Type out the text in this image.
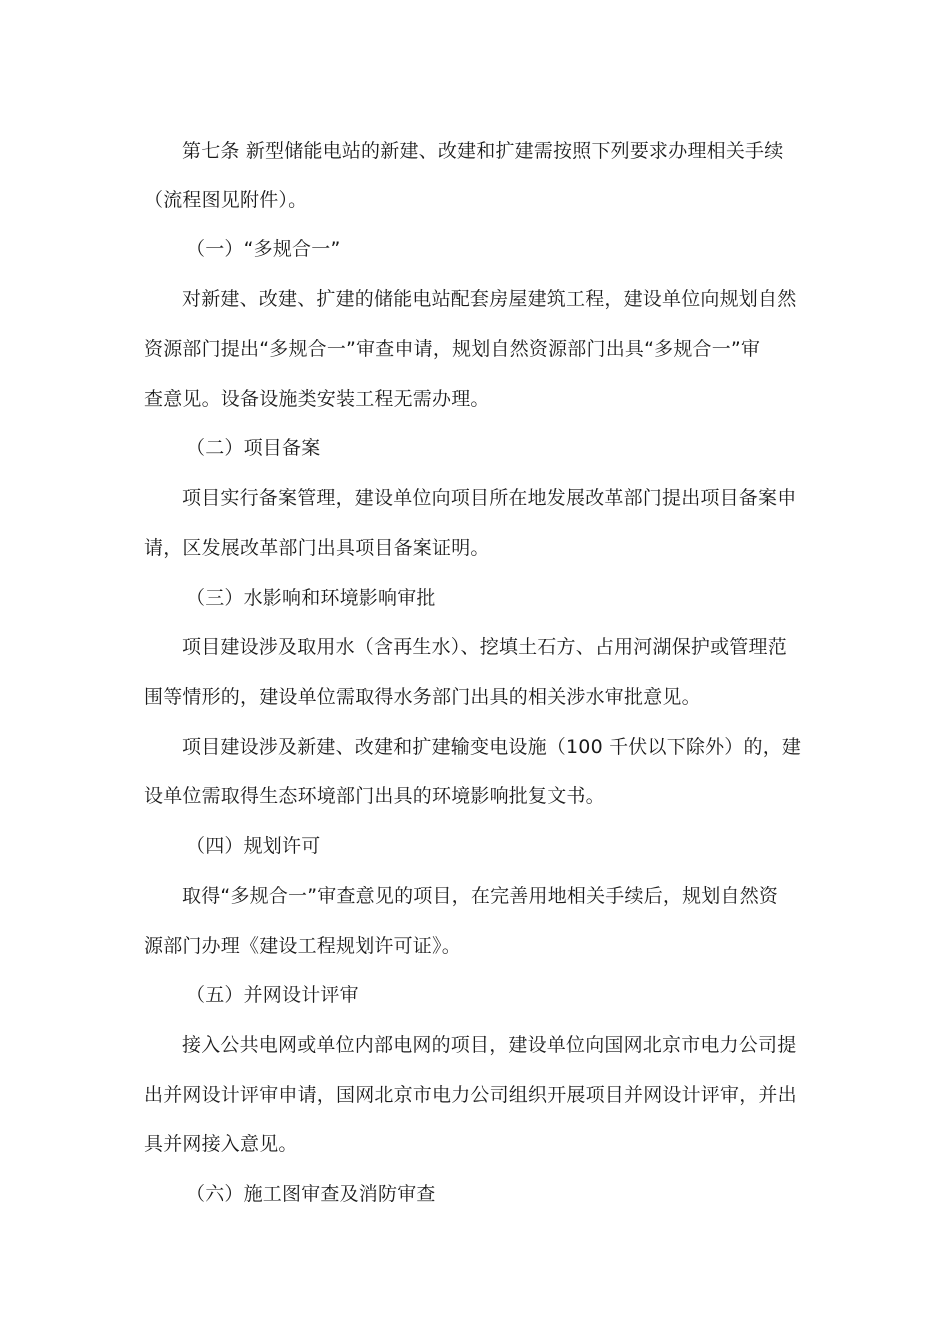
第七条 新型储能电站的新建、改建和扩建需按照下列要求办理相关手续
（流程图见附件）。
（一）“多规合一”
对新建、改建、扩建的储能电站配套房屋建筑工程，建设单位向规划自然
资源部门提出“多规合一”审查申请，规划自然资源部门出具“多规合一”审
查意见。设备设施类安装工程无需办理。
（二）项目备案
项目实行备案管理，建设单位向项目所在地发展改革部门提出项目备案申
请，区发展改革部门出具项目备案证明。
（三）水影响和环境影响审批
项目建设涉及取用水（含再生水）、挖填土石方、占用河湖保护或管理范
围等情形的，建设单位需取得水务部门出具的相关涉水审批意见。
项目建设涉及新建、改建和扩建输变电设施（100 千伏以下除外）的，建
设单位需取得生态环境部门出具的环境影响批复文书。
（四）规划许可
取得“多规合一”审查意见的项目，在完善用地相关手续后，规划自然资
源部门办理《建设工程规划许可证》。
（五）并网设计评审
接入公共电网或单位内部电网的项目，建设单位向国网北京市电力公司提
出并网设计评审申请，国网北京市电力公司组织开展项目并网设计评审，并出
具并网接入意见。
（六）施工图审查及消防审查
